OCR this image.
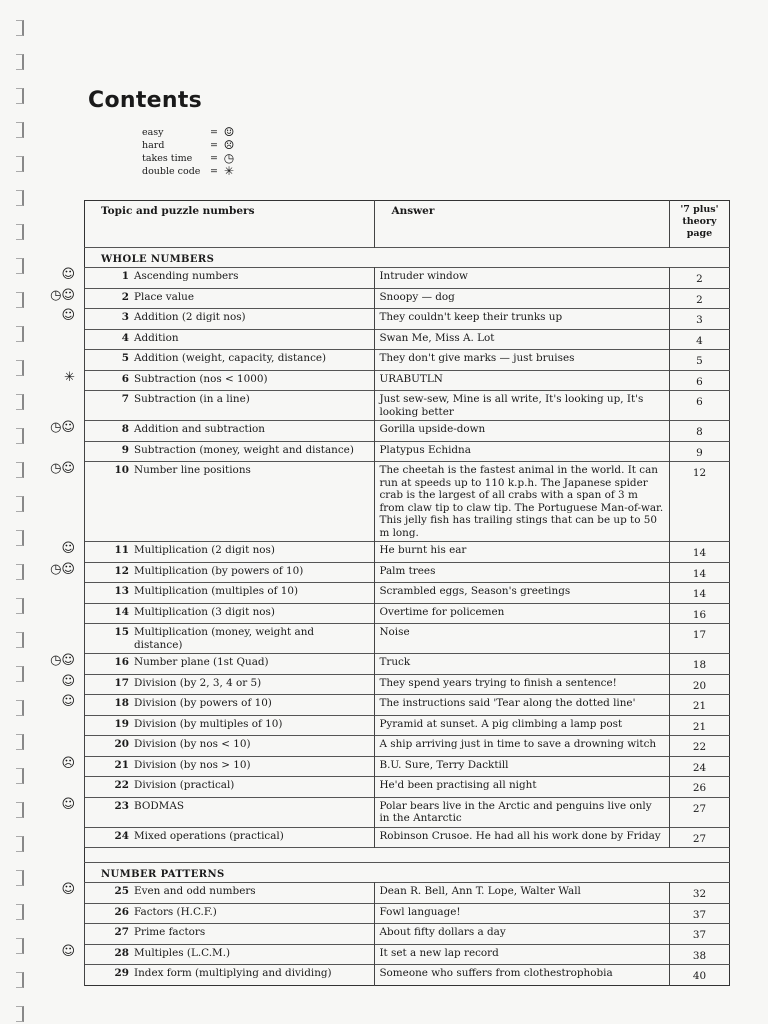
Contents
easy	= ☺
hard	= ☹
takes time	= ◷
double code	= ✳
Topic and puzzle numbers	Answer	'7 plus' theory page
WHOLE NUMBERS		

☺ 1 Ascending numbers	Intruder window	2

◷☺ 2 Place value	Snoopy — dog	2

☺ 3 Addition (2 digit nos)	They couldn't keep their trunks up	3
4 Addition	Swan Me, Miss A. Lot	4
5 Addition (weight, capacity, distance)	They don't give marks — just bruises	5

✳ 6 Subtraction (nos < 1000)	URABUTLN	6
7 Subtraction (in a line)	Just sew-sew, Mine is all write, It's looking up, It's looking better	6

◷☺ 8 Addition and subtraction	Gorilla upside-down	8
9 Subtraction (money, weight and distance)	Platypus Echidna	9

◷☺ 10 Number line positions	The cheetah is the fastest animal in the world. It can run at speeds up to 110 k.p.h. The Japanese spider crab is the largest of all crabs with a span of 3 m from claw tip to claw tip. The Portuguese Man-of-war. This jelly fish has trailing stings that can be up to 50 m long.	12

☺ 11 Multiplication (2 digit nos)	He burnt his ear	14

◷☺ 12 Multiplication (by powers of 10)	Palm trees	14
13 Multiplication (multiples of 10)	Scrambled eggs, Season's greetings	14
14 Multiplication (3 digit nos)	Overtime for policemen	16
15 Multiplication (money, weight and distance)	Noise	17

◷☺ 16 Number plane (1st Quad)	Truck	18

☺ 17 Division (by 2, 3, 4 or 5)	They spend years trying to finish a sentence!	20

☺ 18 Division (by powers of 10)	The instructions said 'Tear along the dotted line'	21
19 Division (by multiples of 10)	Pyramid at sunset. A pig climbing a lamp post	21
20 Division (by nos < 10)	A ship arriving just in time to save a drowning witch	22

☹ 21 Division (by nos > 10)	B.U. Sure, Terry Dacktill	24
22 Division (practical)	He'd been practising all night	26

☺ 23 BODMAS	Polar bears live in the Arctic and penguins live only in the Antarctic	27
24 Mixed operations (practical)	Robinson Crusoe. He had all his work done by Friday	27

NUMBER PATTERNS		

☺ 25 Even and odd numbers	Dean R. Bell, Ann T. Lope, Walter Wall	32
26 Factors (H.C.F.)	Fowl language!	37
27 Prime factors	About fifty dollars a day	37

☺ 28 Multiples (L.C.M.)	It set a new lap record	38
29 Index form (multiplying and dividing)	Someone who suffers from clothestrophobia	40
